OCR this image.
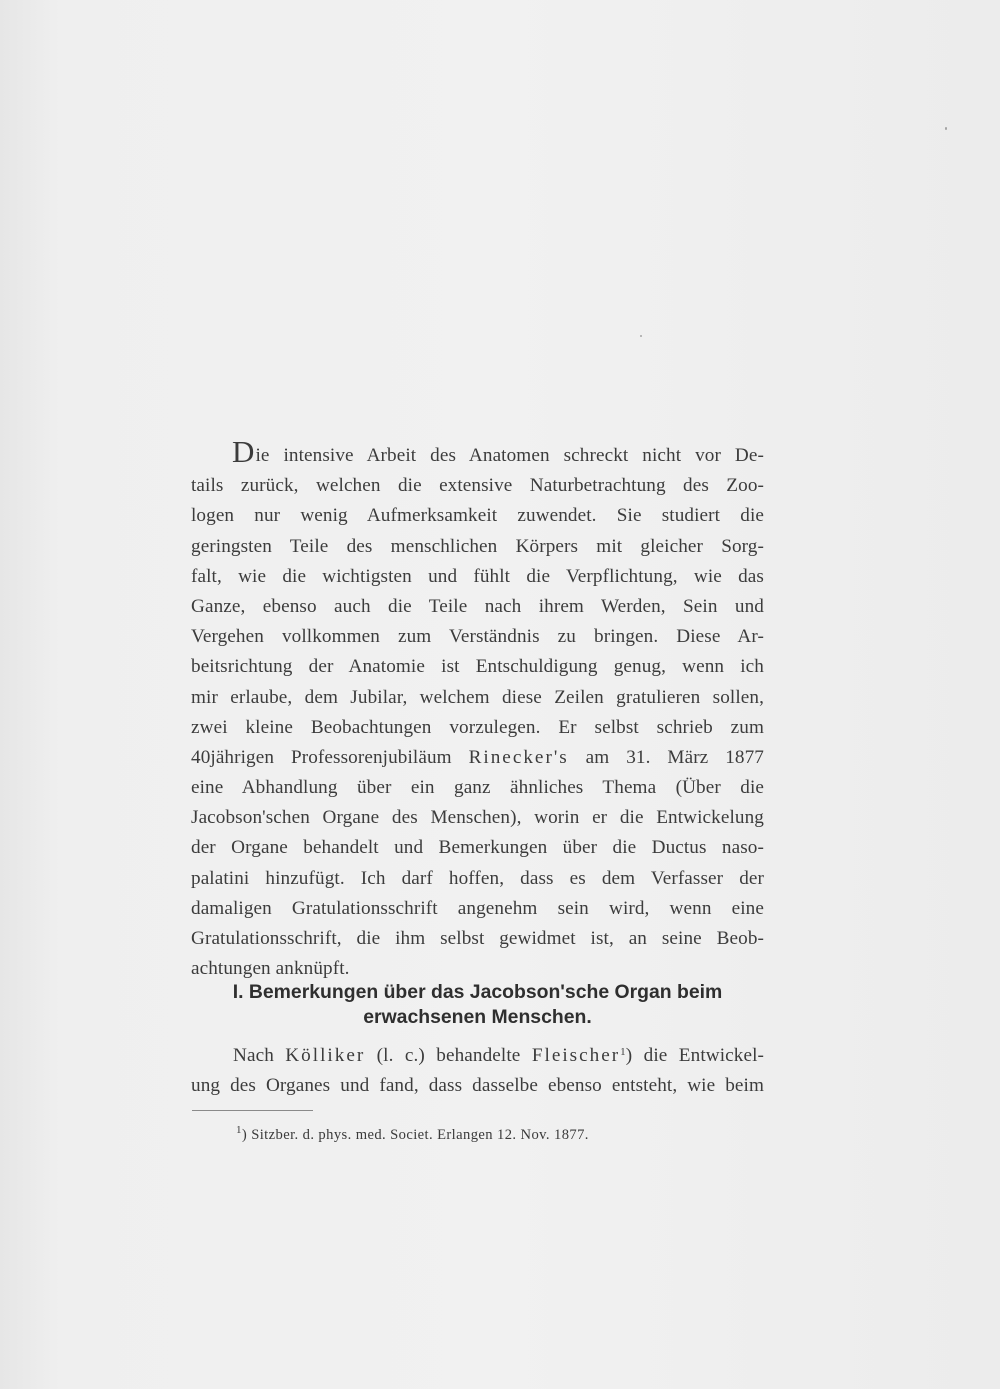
Die intensive Arbeit des Anatomen schreckt nicht vor De-
tails zurück, welchen die extensive Naturbetrachtung des Zoo-
logen nur wenig Aufmerksamkeit zuwendet. Sie studiert die
geringsten Teile des menschlichen Körpers mit gleicher Sorg-
falt, wie die wichtigsten und fühlt die Verpflichtung, wie das
Ganze, ebenso auch die Teile nach ihrem Werden, Sein und
Vergehen vollkommen zum Verständnis zu bringen. Diese Ar-
beitsrichtung der Anatomie ist Entschuldigung genug, wenn ich
mir erlaube, dem Jubilar, welchem diese Zeilen gratulieren sollen,
zwei kleine Beobachtungen vorzulegen. Er selbst schrieb zum
40jährigen Professorenjubiläum Rinecker's am 31. März 1877
eine Abhandlung über ein ganz ähnliches Thema (Über die
Jacobson'schen Organe des Menschen), worin er die Entwickelung
der Organe behandelt und Bemerkungen über die Ductus naso-
palatini hinzufügt. Ich darf hoffen, dass es dem Verfasser der
damaligen Gratulationsschrift angenehm sein wird, wenn eine
Gratulationsschrift, die ihm selbst gewidmet ist, an seine Beob-
achtungen anknüpft.
I. Bemerkungen über das Jacobson'sche Organ beim
erwachsenen Menschen.
Nach Kölliker (l. c.) behandelte Fleischer$^1$) die Entwickel-
ung des Organes und fand, dass dasselbe ebenso entsteht, wie beim
$^1$) Sitzber. d. phys. med. Societ. Erlangen 12. Nov. 1877.
